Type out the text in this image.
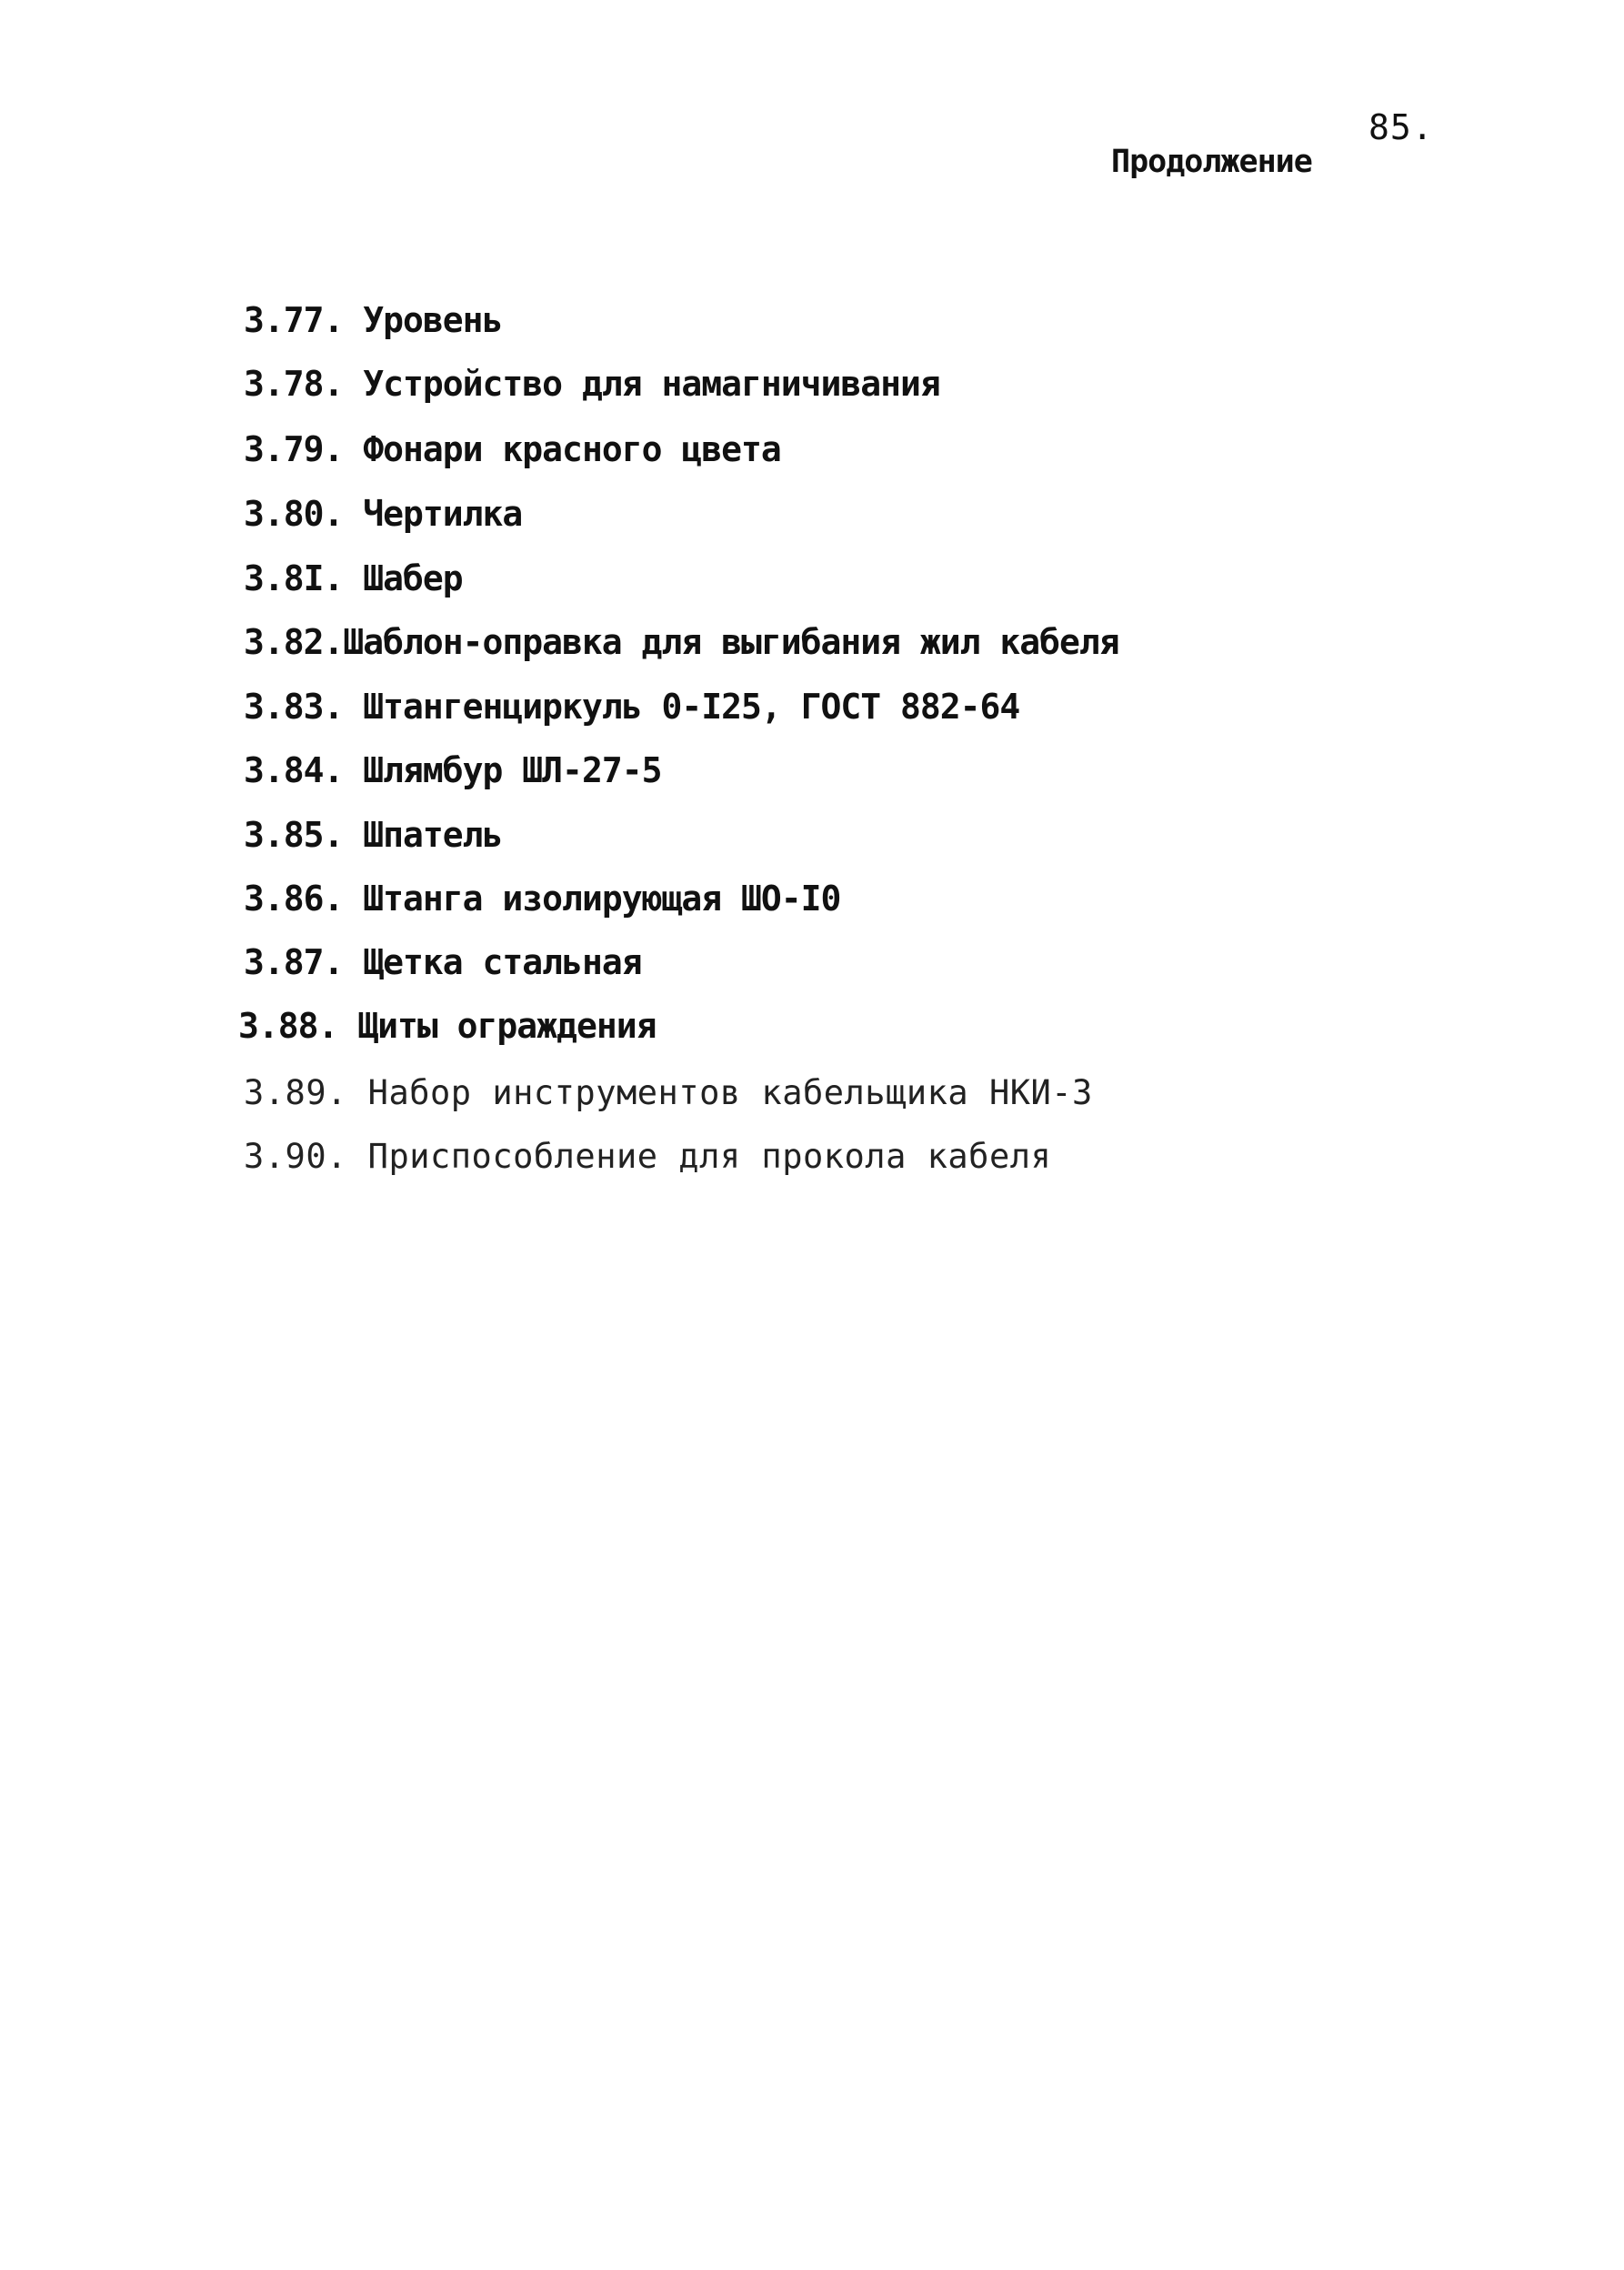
85.
Продолжение
3.77. Уровень
3.78. Устройство для намагничивания
3.79. Фонари красного цвета
3.80. Чертилка
3.8I. Шабер
3.82.Шаблон-оправка для выгибания жил кабеля
3.83. Штангенциркуль 0-I25, ГОСТ 882-64
3.84. Шлямбур ШЛ-27-5
3.85. Шпатель
3.86. Штанга изолирующая ШО-I0
3.87. Щетка стальная
3.88. Щиты ограждения
3.89. Набор инструментов кабельщика НКИ-3
3.90. Приспособление для прокола кабеля
